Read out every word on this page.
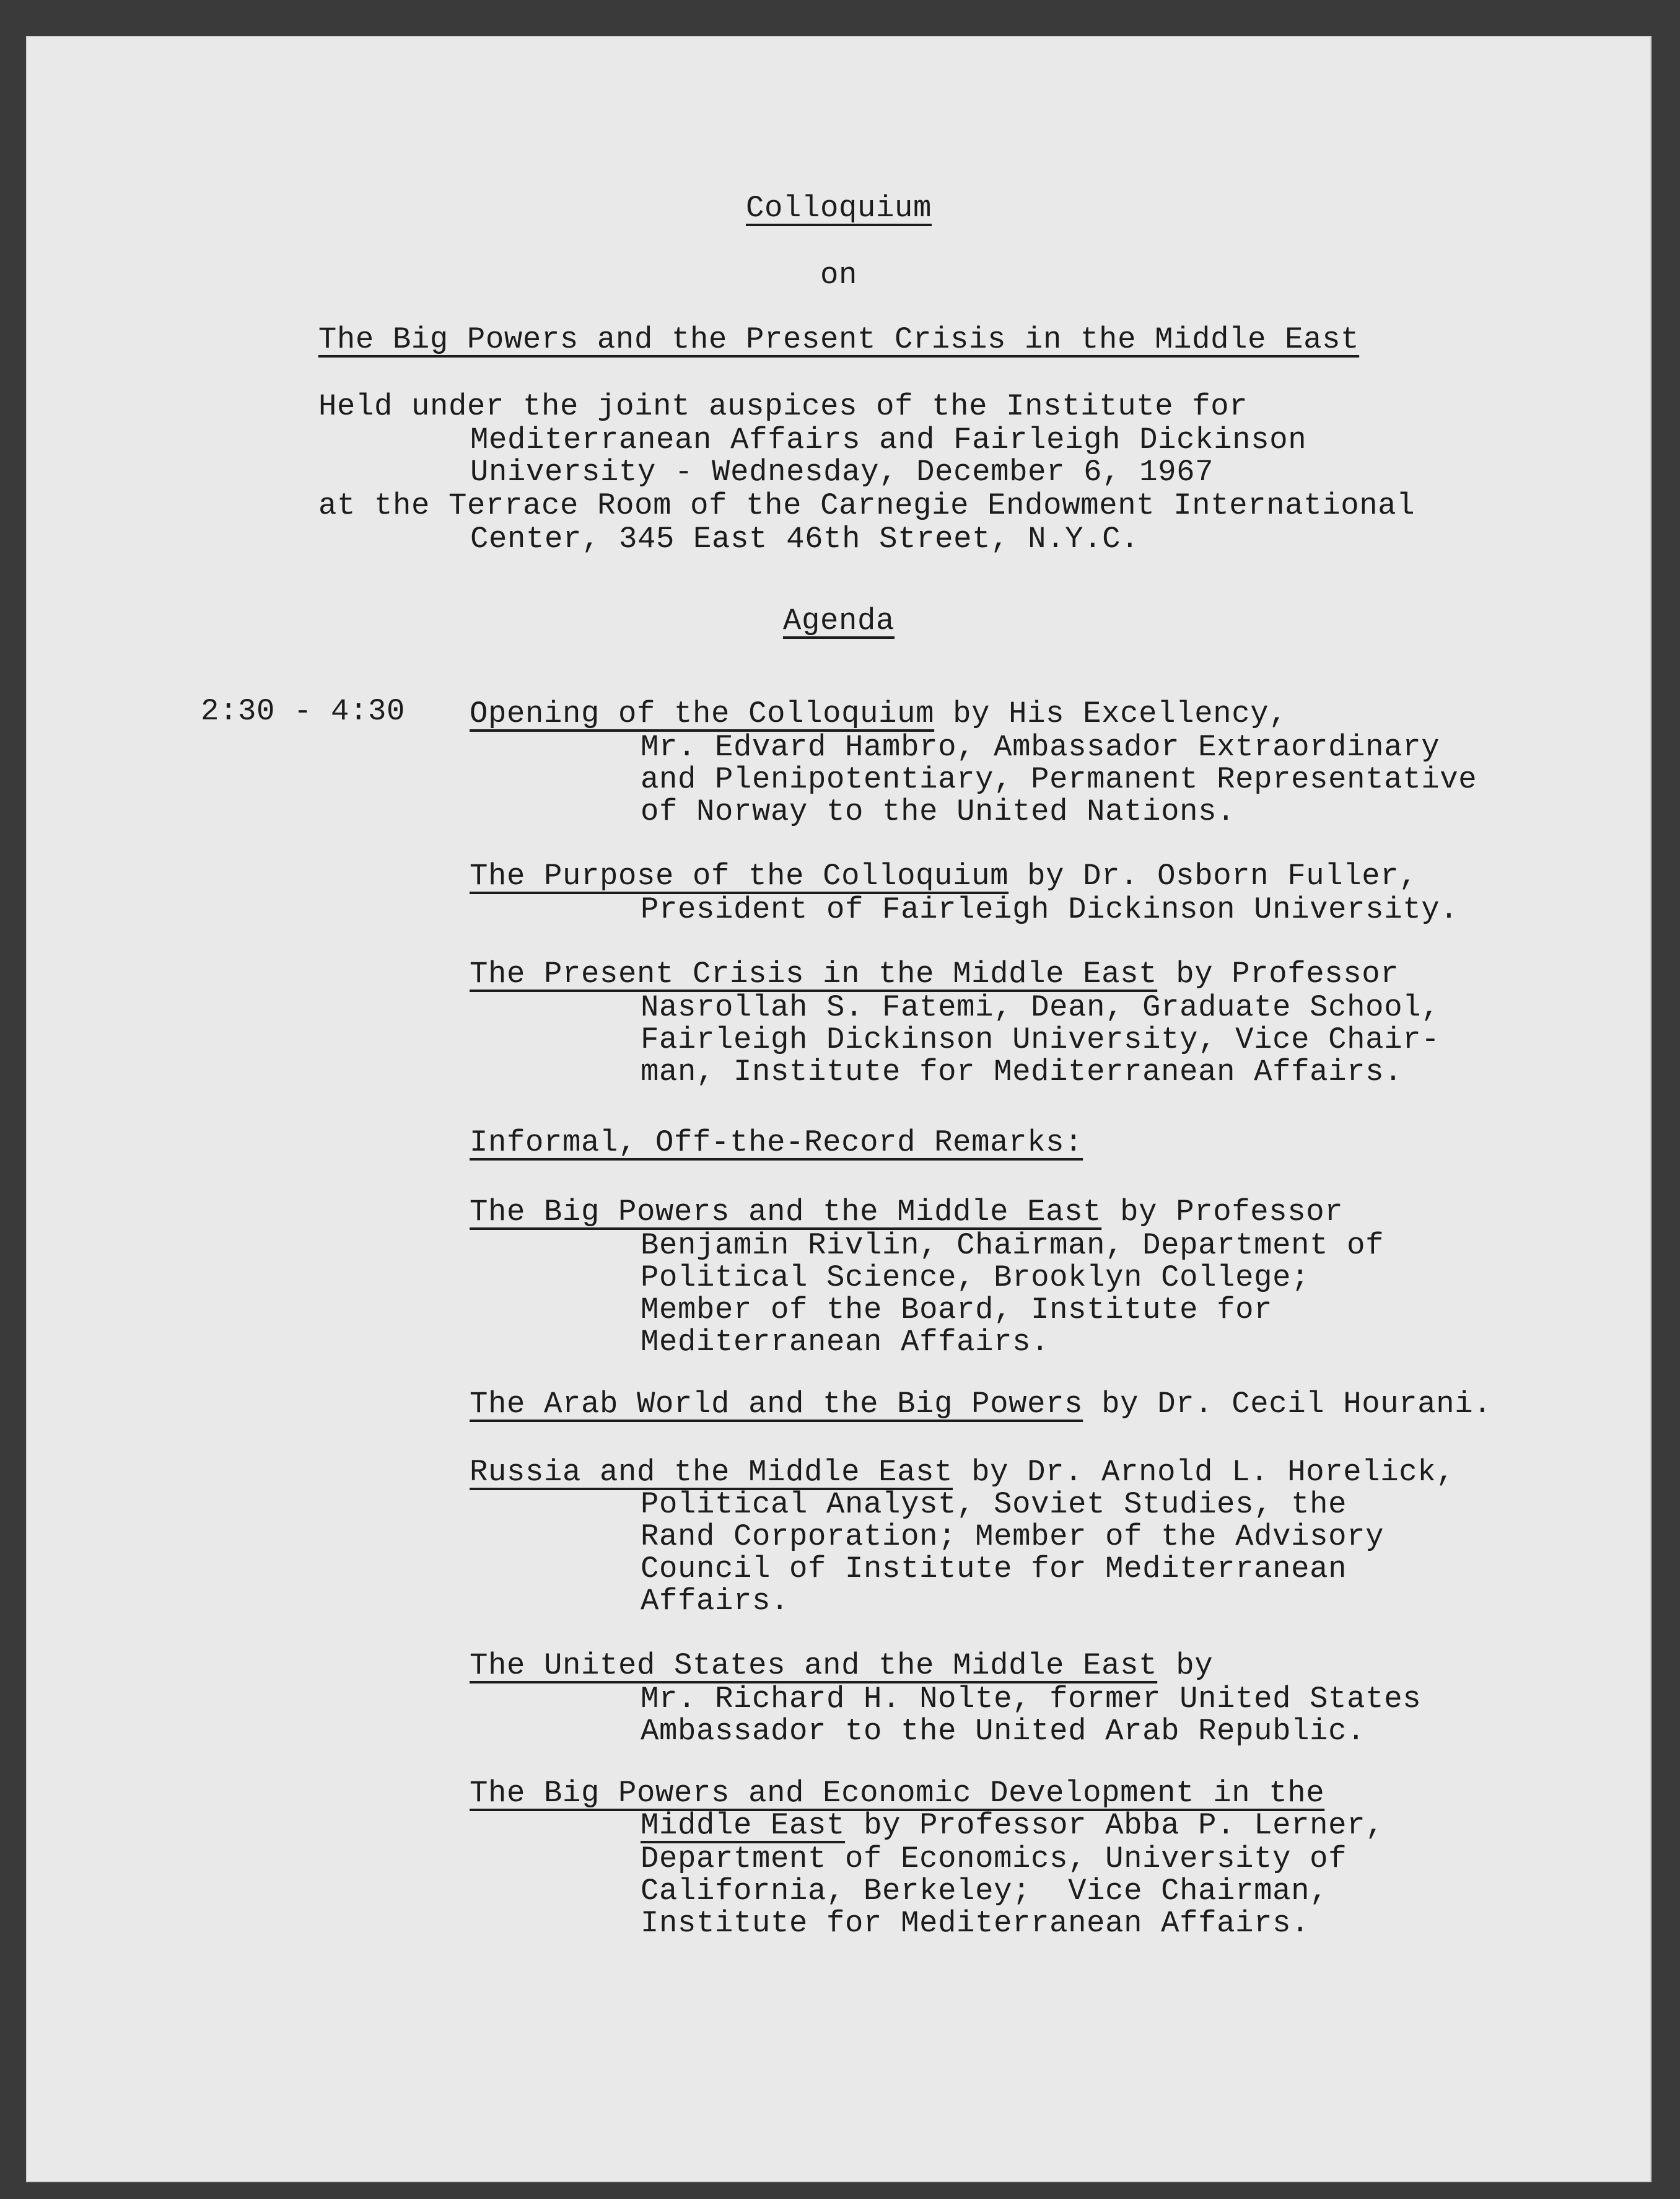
Colloquium
on
The Big Powers and the Present Crisis in the Middle East
Held under the joint auspices of the Institute for
Mediterranean Affairs and Fairleigh Dickinson
University - Wednesday, December 6, 1967
at the Terrace Room of the Carnegie Endowment International
Center, 345 East 46th Street, N.Y.C.
Agenda
2:30 - 4:30 Opening of the Colloquium by His Excellency,
Mr. Edvard Hambro, Ambassador Extraordinary
and Plenipotentiary, Permanent Representative
of Norway to the United Nations.
The Purpose of the Colloquium by Dr. Osborn Fuller,
President of Fairleigh Dickinson University.
The Present Crisis in the Middle East by Professor
Nasrollah S. Fatemi, Dean, Graduate School,
Fairleigh Dickinson University, Vice Chair-
man, Institute for Mediterranean Affairs.
Informal, Off-the-Record Remarks:
The Big Powers and the Middle East by Professor
Benjamin Rivlin, Chairman, Department of
Political Science, Brooklyn College;
Member of the Board, Institute for
Mediterranean Affairs.
The Arab World and the Big Powers by Dr. Cecil Hourani.
Russia and the Middle East by Dr. Arnold L. Horelick,
Political Analyst, Soviet Studies, the
Rand Corporation; Member of the Advisory
Council of Institute for Mediterranean
Affairs.
The United States and the Middle East by
Mr. Richard H. Nolte, former United States
Ambassador to the United Arab Republic.
The Big Powers and Economic Development in the
Middle East by Professor Abba P. Lerner,
Department of Economics, University of
California, Berkeley;  Vice Chairman,
Institute for Mediterranean Affairs.
